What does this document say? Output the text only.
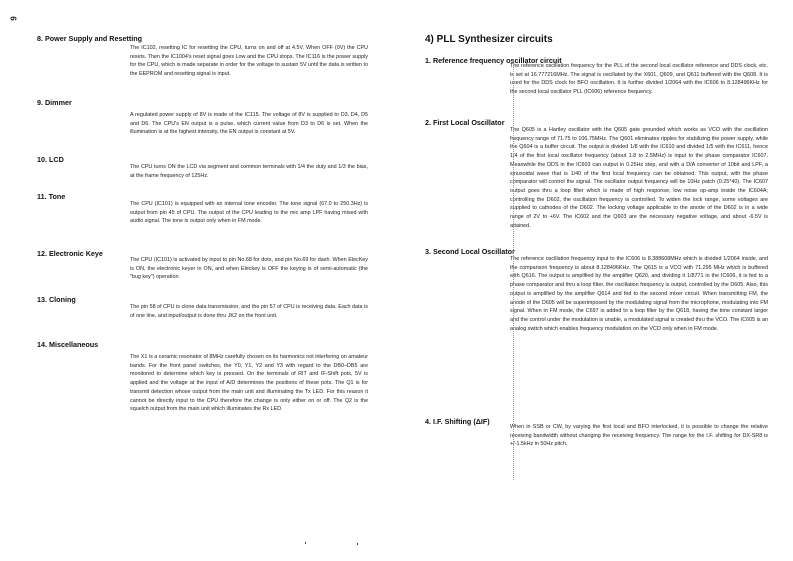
9
8. Power Supply and Resetting

The IC102, resetting IC for resetting the CPU, turns on and off at 4.5V. When OFF (0V) the CPU resets. Then the IC1004's reset signal goes Low and the CPU stops. The IC116 is the power supply for the CPU, which is made separate in order for the voltage to sustain 5V until the data is written to the EEPROM and resetting signal is input.

9. Dimmer

A regulated power supply of 8V is made of the IC115. The voltage of 8V is supplied to D3, D4, D5 and D6. The CPU's EN output is a pulse, which current value from D3 to D6 is set. When the illumination is at the highest intensity, the EN output is constant at 5V.

10. LCD

The CPU turns ON the LCD via segment and common terminals with 1/4 the duty and 1/3 the bias, at the frame frequency of 125Hz.

11. Tone

The CPU (IC101) is equipped with an internal tone encoder. The tone signal (67.0 to 250.3Hz) is output from pin 45 of CPU. The output of the CPU leading to the mic amp LPF having mixed with audio signal. The tone is output only when in FM mode.

12. Electronic Keye

The CPU (IC101) is activated by input to pin No.68 for dots, and pin No.69 for dash. When ElecKey is ON, the electronic keyer in ON, and when Eleckey is OFF the keying is of semi-automatic (the "bug key") operation.

13. Cloning

The pin 58 of CPU is clone data transmission, and the pin 57 of CPU is receiving data. Each data is of one line, and input/output is done thru JK2 on the front unit.

14. Miscellaneous

The X1 is a ceramic resonator of 8MHz carefully chosen on its harmonics not interfering on amateur bands. For the front panel switches, the Y0, Y1, Y2 and Y3 with regard to the DB0–DB5 are monitored to determine which key is pressed. On the terminals of RIT and IF-Shift pots, 5V is applied and the voltage at the input of A/D determines the positions of these pots. The Q1 is for transmit detection whose output from the main unit and illuminating the Tx LED. For this reason it cannot be directly input to the CPU therefore the change is only either on or off. The Q2 is the squelch output from the main unit which illuminates the Rx LED.

4) PLL Synthesizer circuits
1. Reference frequency oscillator circuit

The reference oscillation frequency for the PLL of the second local oscillator reference and DDS clock, etc. is set at 16.777216MHz. The signal is oscillated by the X601, Q609, and Q611 buffered with the Q608. It is used for the DDS clock for BFO oscillation. It is further divided 1/2064 with the IC606 to 8.128496KHz for the second local oscillator PLL (IC606) reference frequency.

2. First Local Oscillator

The Q605 is a Hartley oscillator with the Q605 gate grounded which works as VCO with the oscillation frequency range of 71.75 to 106.75MHz. The Q601 eliminates ripples for stabilizing the power supply, while the Q604 is a buffer circuit. The output is divided 1/8 with the IC610 and divided 1/5 with the IC611, hence 1/4 of the first local oscillator frequency (about 1.8 to 2.5MHz) is input to the phase comparator IC607. Meanwhile the DDS in the IC603 can output in 0.25Hz step, and with a D/A converter of 10bit and LPF, a sinusoidal wave that is 1/40 of the first local frequency can be obtained. This output, with the phase comparator will control the signal. The oscillator output frequency will be 10Hz patch (0.25*40). The IC607 output goes thru a loop filter which is made of high response, low noise op-amp inside the IC604A; controlling the D602, the oscillation frequency is controlled. To widen the lock range, some voltages are supplied to cathodes of the D602. The locking voltage applicable to the anode of the D602 is in a wide range of 2V to +6V. The IC602 and the Q603 are the necessary negative voltage, and about -6.5V is attained.

3. Second Local Oscillator

The reference oscillation frequency input to the IC606 is 8.388608MHz which is divided 1/2064 inside, and the comparison frequency is about 8.128496KHz. The Q615 is a VCO with 71.295 MHz which is buffered with Q616. The output is amplified by the amplifier Q620, and dividing it 1/8771 in the IC606, it is fed to a phase comparator and thru a loop filter, the oscillation frequency is output, controlled by the D605. Also, this output is amplified by the amplifier Q614 and fed to the second mixer circuit. When transmitting FM, the anode of the D605 will be superimposed by the modulating signal from the microphone, modulating into FM signal. When in FM mode, the C697 is added to a loop filter by the Q618, having the time constant larger and the control under the modulation is unable, a modulated signal is created thru the VCO. The IC605 is an analog switch which enables frequency modulation on the VCO only when in FM mode.

4. I.F. Shifting (ΔIF)

When in SSB or CW, by varying the first local and BFO interlocked, it is possible to change the relative receiving bandwidth without changing the receiving frequency. The range for the I.F. shifting for DX-SR8 is +/-1.5kHz in 50Hz pitch.
